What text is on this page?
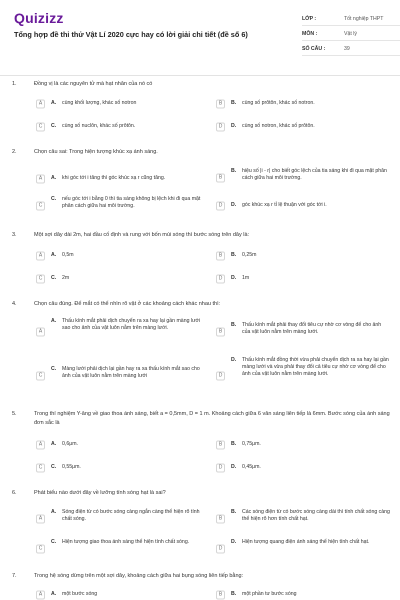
Quizizz
Tổng hợp đề thi thử Vật Lí 2020 cực hay có lời giải chi tiết (đề số 6)
LỚP :	Tốt nghiệp THPT
MÔN :	Vật lý
SỐ CÂU :	39
1.	Đồng vị là các nguyên tử mà hạt nhân của nó có
A	A. cùng khối lượng, khác số notron	B	B. cùng số prôtôn, khác số notron.
C	C. cùng số nuclôn, khác số prôtôn.	D	D. cùng số notron, khác số prôtôn.
2.	Chọn câu sai: Trong hiện tượng khúc xạ ánh sáng.
A	A. khi góc tới i tăng thì góc khúc xạ r cũng tăng.	B
B. hiệu số |i - r| cho biết góc lệch của tia sáng khi đi qua mặt phân cách giữa hai môi trường.
C
C. nếu góc tới i bằng 0 thì tia sáng không bị lệch khi đi qua mặt phân cách giữa hai môi trường.	D	D. góc khúc xạ r tỉ lệ thuận với góc tới i.
3.	Một sợi dây dài 2m, hai đầu cố định và rung với bốn múi sóng thì bước sóng trên dây là:
A	A. 0,5m	B	B. 0,25m
C	C. 2m	D	D. 1m
4.	Chọn câu đúng. Để mắt có thể nhìn rõ vật ở các khoảng cách khác nhau thì:
A
A. Thấu kính mắt phải dịch chuyển ra xa hay lại gần màng lưới sao cho ảnh của vật luôn nằm trên màng lưới.
B
B. Thấu kính mắt phải thay đổi tiêu cự nhờ cơ vòng để cho ảnh của vật luôn nằm trên màng lưới.
C
C. Màng lưới phải dịch lại gần hay ra xa thấu kính mắt sao cho ảnh của vật luôn nằm trên màng lưới	D
D. Thấu kính mắt đồng thời vừa phải chuyển dịch ra xa hay lại gần màng lưới và vừa phải thay đổi cả tiêu cự nhờ cơ vòng để cho ảnh của vật luôn nằm trên màng lưới.
5.	Trong thí nghiệm Y-âng về giao thoa ánh sáng, biết a = 0,5mm, D = 1 m. Khoảng cách giữa 6 vân sáng liên tiếp là 6mm. Bước sóng của ánh sáng đơn sắc là
A	A. 0,6μm.	B	B. 0,75μm.
C	C. 0,55μm.	D	D. 0,45μm.
6.	Phát biểu nào dưới đây về lưỡng tính sóng hạt là sai?
A
A. Sóng điện từ có bước sóng càng ngắn càng thể hiện rõ tính chất sóng.	B
B. Các sóng điện từ có bước sóng càng dài thì tính chất sóng càng thể hiện rõ hơn tính chất hạt.
C
C. Hiện tượng giao thoa ánh sáng thể hiện tính chất sóng.
D
D. Hiện tượng quang điện ánh sáng thể hiện tính chất hạt.
7.	Trong hệ sóng dừng trên một sợi dây, khoảng cách giữa hai bụng sóng liên tiếp bằng:
A	A. một bước sóng	B	B. một phần tư bước sóng
